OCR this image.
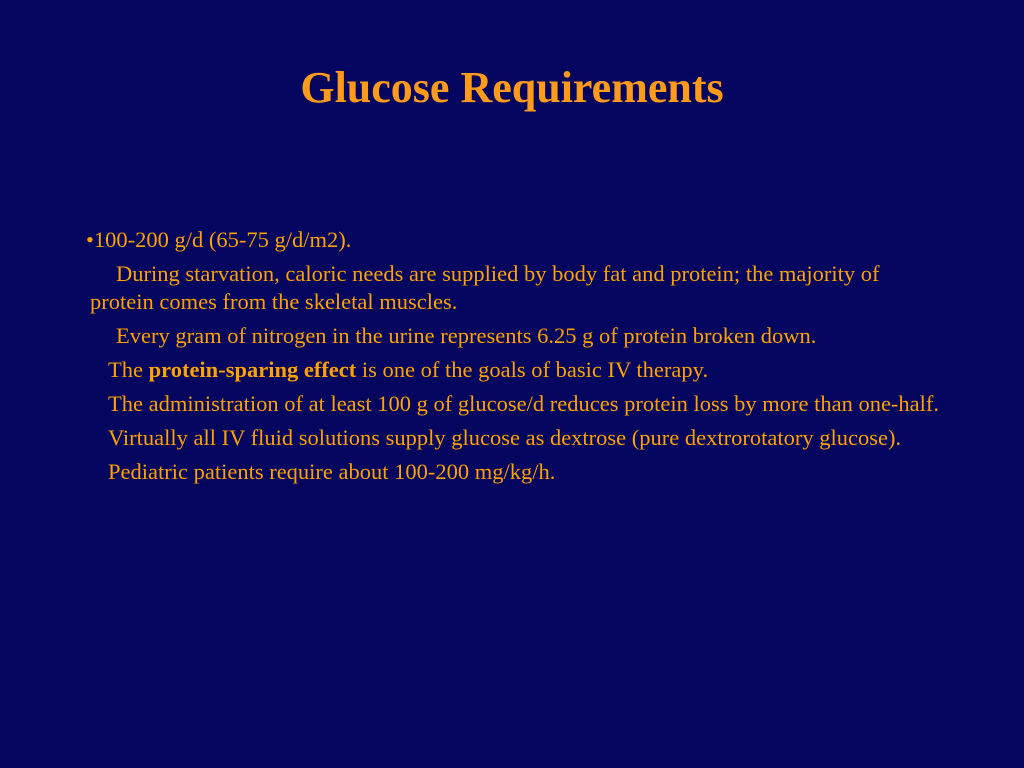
Glucose Requirements

•100-200 g/d (65-75 g/d/m2).

During starvation, caloric needs are supplied by body fat and protein; the majority of protein comes from the skeletal muscles.

Every gram of nitrogen in the urine represents 6.25 g of protein broken down.

The protein-sparing effect is one of the goals of basic IV therapy.

The administration of at least 100 g of glucose/d reduces protein loss by more than one-half.

Virtually all IV fluid solutions supply glucose as dextrose (pure dextrorotatory glucose).

Pediatric patients require about 100-200 mg/kg/h.
